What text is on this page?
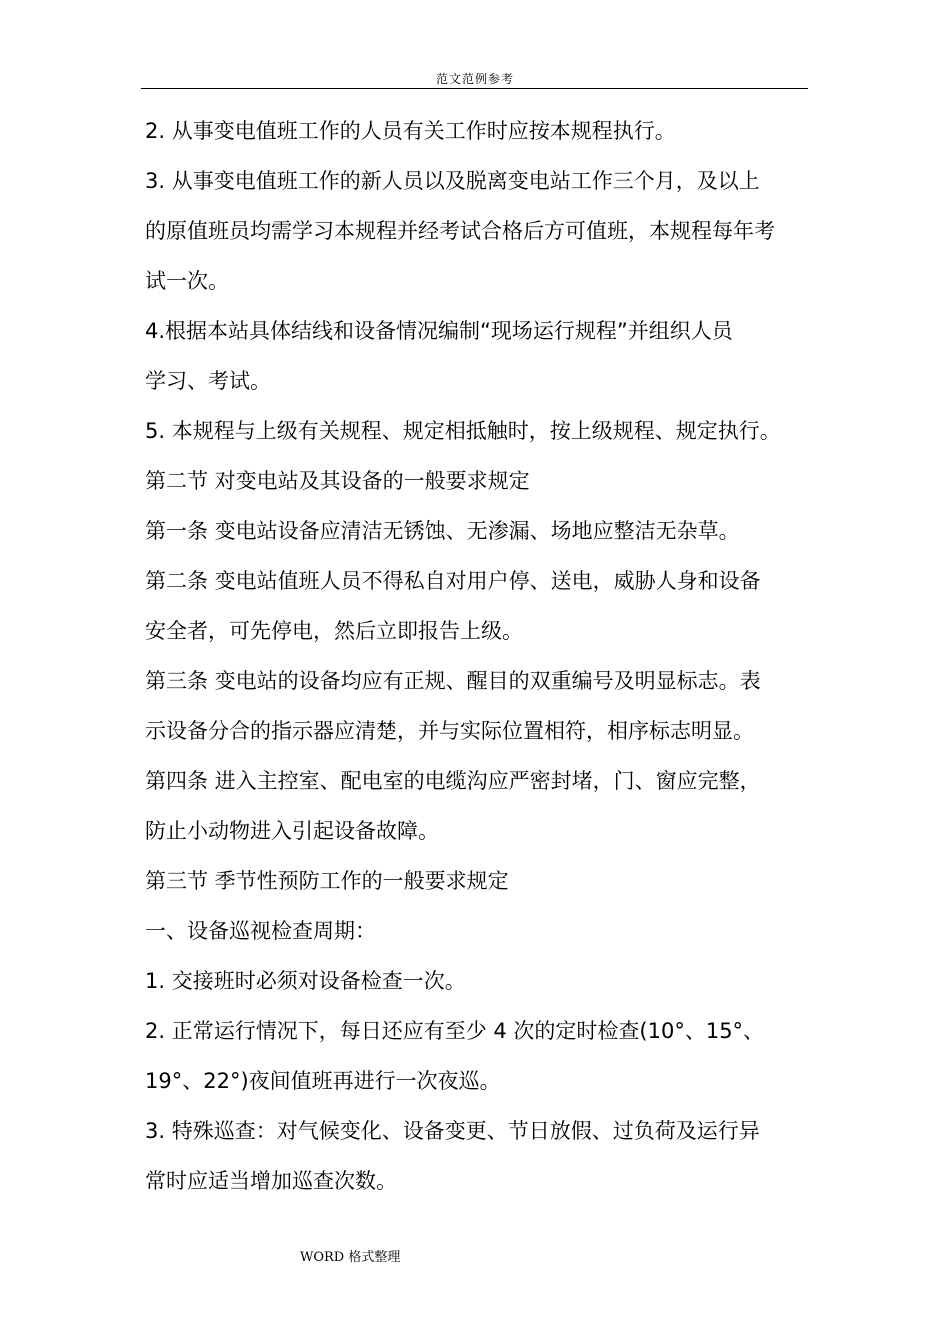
范文范例参考
2. 从事变电值班工作的人员有关工作时应按本规程执行。
3. 从事变电值班工作的新人员以及脱离变电站工作三个月，及以上
的原值班员均需学习本规程并经考试合格后方可值班，本规程每年考
试一次。
4.根据本站具体结线和设备情况编制“现场运行规程”并组织人员
学习、考试。
5. 本规程与上级有关规程、规定相抵触时，按上级规程、规定执行。
第二节 对变电站及其设备的一般要求规定
第一条 变电站设备应清洁无锈蚀、无渗漏、场地应整洁无杂草。
第二条 变电站值班人员不得私自对用户停、送电，威胁人身和设备
安全者，可先停电，然后立即报告上级。
第三条 变电站的设备均应有正规、醒目的双重编号及明显标志。表
示设备分合的指示器应清楚，并与实际位置相符，相序标志明显。
第四条 进入主控室、配电室的电缆沟应严密封堵，门、窗应完整，
防止小动物进入引起设备故障。
第三节 季节性预防工作的一般要求规定
一、设备巡视检查周期：
1. 交接班时必须对设备检查一次。
2. 正常运行情况下，每日还应有至少 4 次的定时检查(10°、15°、
19°、22°)夜间值班再进行一次夜巡。
3. 特殊巡查：对气候变化、设备变更、节日放假、过负荷及运行异
常时应适当增加巡查次数。
WORD 格式整理
